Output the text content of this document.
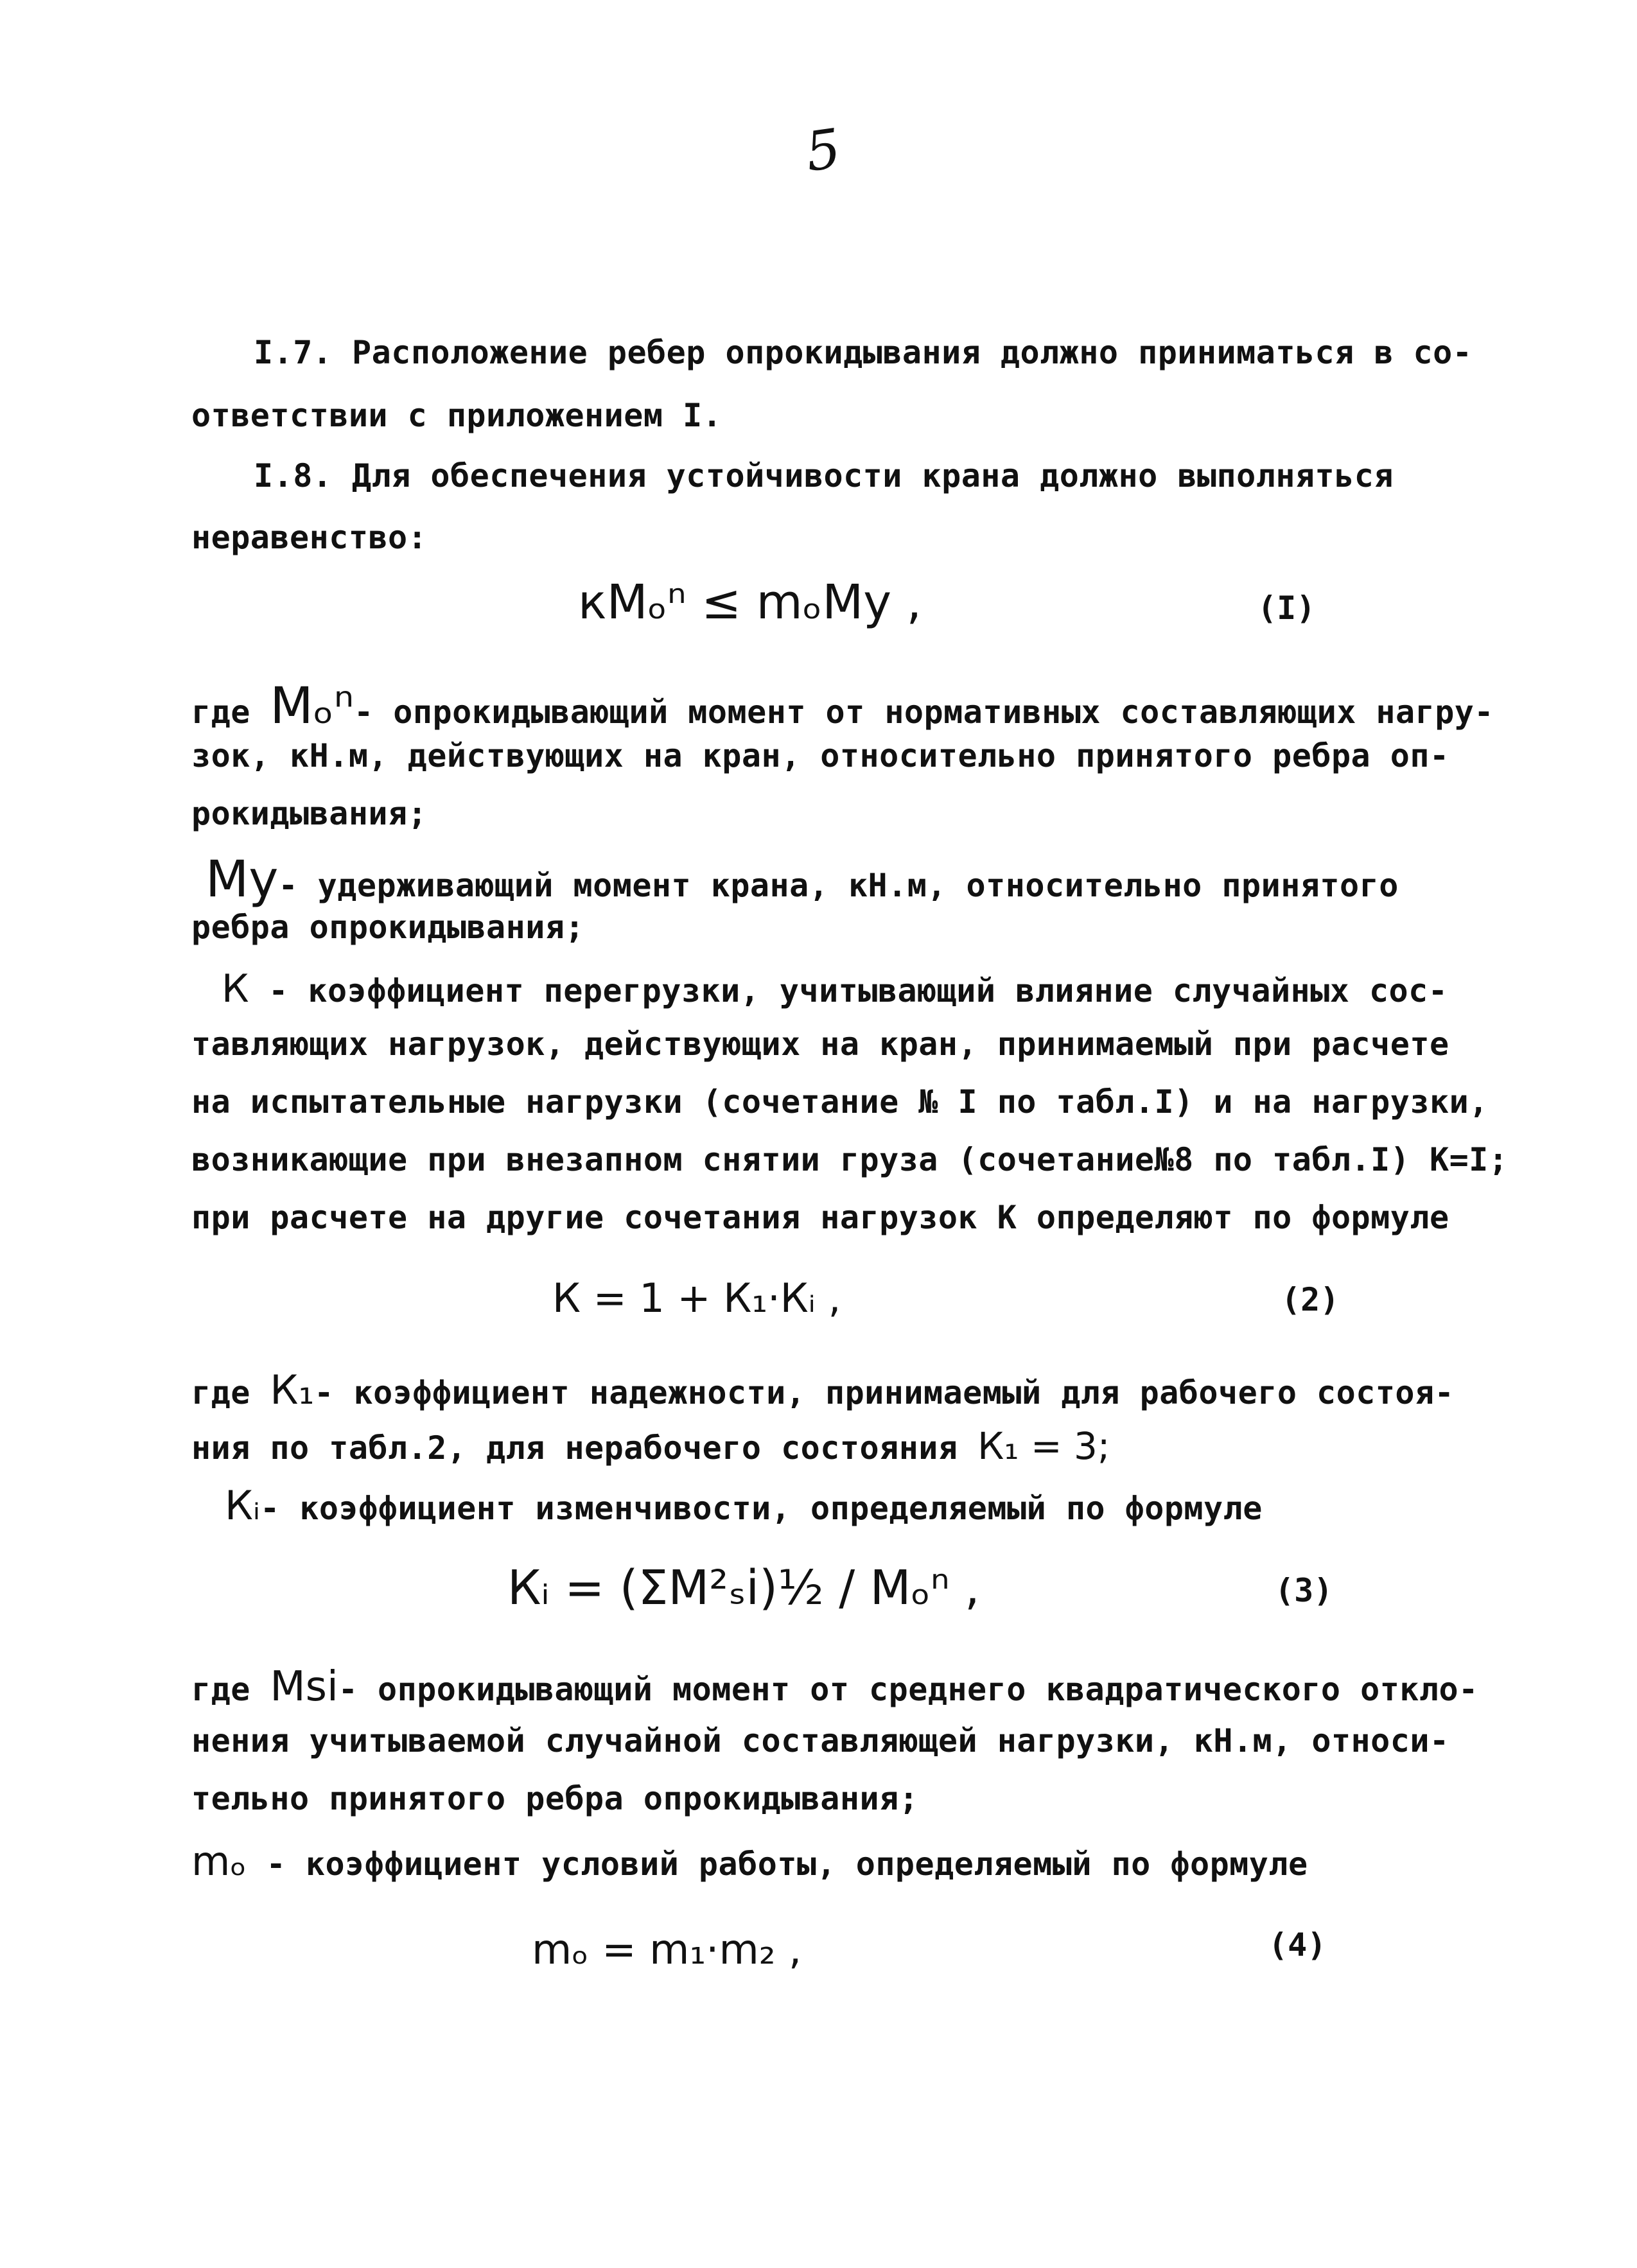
5
I.7. Расположение ребер опрокидывания должно приниматься в со-
ответствии с приложением I.
I.8. Для обеспечения устойчивости крана должно выполняться
неравенство:
кМₒⁿ ≤ mₒMу ,	(I)
где Mₒⁿ- опрокидывающий момент от нормативных составляющих нагру-
зок, кН.м, действующих на кран, относительно принятого ребра оп-
рокидывания;
Mу- удерживающий момент крана, кН.м, относительно принятого
ребра опрокидывания;
К - коэффициент перегрузки, учитывающий влияние случайных сос-
тавляющих нагрузок, действующих на кран, принимаемый при расчете
на испытательные нагрузки (сочетание № I по табл.I) и на нагрузки,
возникающие при внезапном снятии груза (сочетание№8 по табл.I) К=I;
при расчете на другие сочетания нагрузок К определяют по формуле
К = 1 + К₁·Кᵢ ,	(2)
где К₁- коэффициент надежности, принимаемый для рабочего состоя-
ния по табл.2, для нерабочего состояния К₁ = 3;
Кᵢ- коэффициент изменчивости, определяемый по формуле
Кᵢ = (ΣM²ₛi)½ / Mₒⁿ ,	(3)
где Msi- опрокидывающий момент от среднего квадратического откло-
нения учитываемой случайной составляющей нагрузки, кН.м, относи-
тельно принятого ребра опрокидывания;
mₒ - коэффициент условий работы, определяемый по формуле
mₒ = m₁·m₂ ,	(4)
